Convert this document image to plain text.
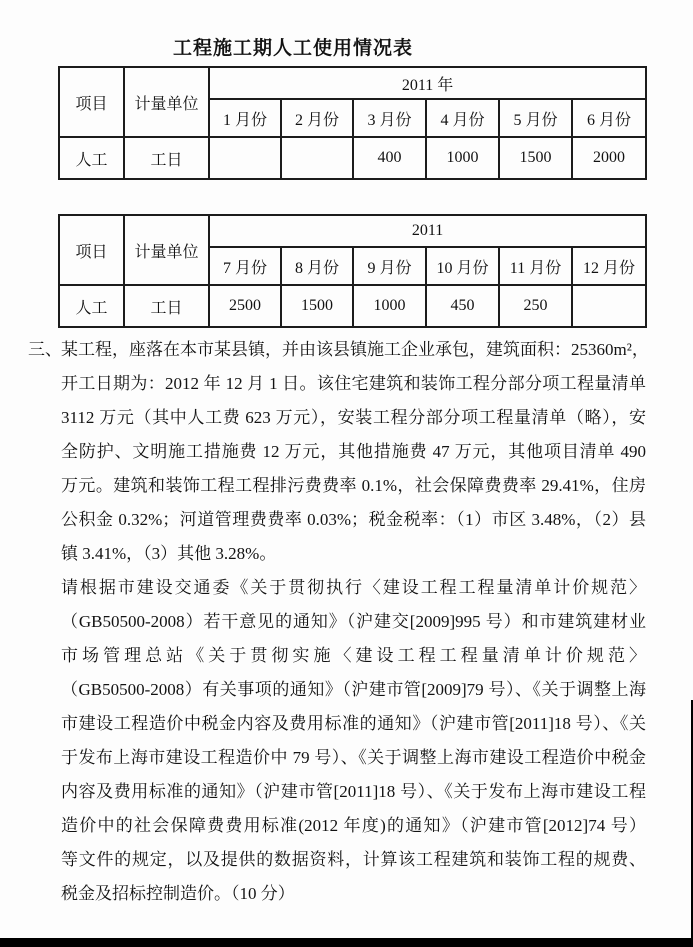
工程施工期人工使用情况表
项目	计量单位	2011 年					
		1 月份	2 月份	3 月份	4 月份	5 月份	6 月份
人工	工日			400	1000	1500	2000
项日	计量单位	2011					
		7 月份	8 月份	9 月份	10 月份	11 月份	12 月份
人工	工日	2500	1500	1000	450	250	
三、 某工程，座落在本市某县镇，并由该县镇施工企业承包，建筑面积：25360m²，
开工日期为：2012 年 12 月 1 日。该住宅建筑和装饰工程分部分项工程量清单
3112 万元（其中人工费 623 万元），安装工程分部分项工程量清单（略），安
全防护、文明施工措施费 12 万元，其他措施费 47 万元，其他项目清单 490
万元。建筑和装饰工程工程排污费费率 0.1%，社会保障费费率 29.41%，住房
公积金 0.32%；河道管理费费率 0.03%；税金税率：（1）市区 3.48%，（2）县
镇 3.41%，（3）其他 3.28%。
请根据市建设交通委《关于贯彻执行〈建设工程工程量清单计价规范〉
（GB50500-2008）若干意见的通知》（沪建交[2009]995 号）和市建筑建材业
市场管理总站《关于贯彻实施〈建设工程工程量清单计价规范〉
（GB50500-2008）有关事项的通知》（沪建市管[2009]79 号）、《关于调整上海
市建设工程造价中税金内容及费用标准的通知》（沪建市管[2011]18 号）、《关
于发布上海市建设工程造价中 79 号）、《关于调整上海市建设工程造价中税金
内容及费用标准的通知》（沪建市管[2011]18 号）、《关于发布上海市建设工程
造价中的社会保障费费用标准(2012 年度)的通知》（沪建市管[2012]74 号）
等文件的规定，以及提供的数据资料，计算该工程建筑和装饰工程的规费、
税金及招标控制造价。（10 分）
